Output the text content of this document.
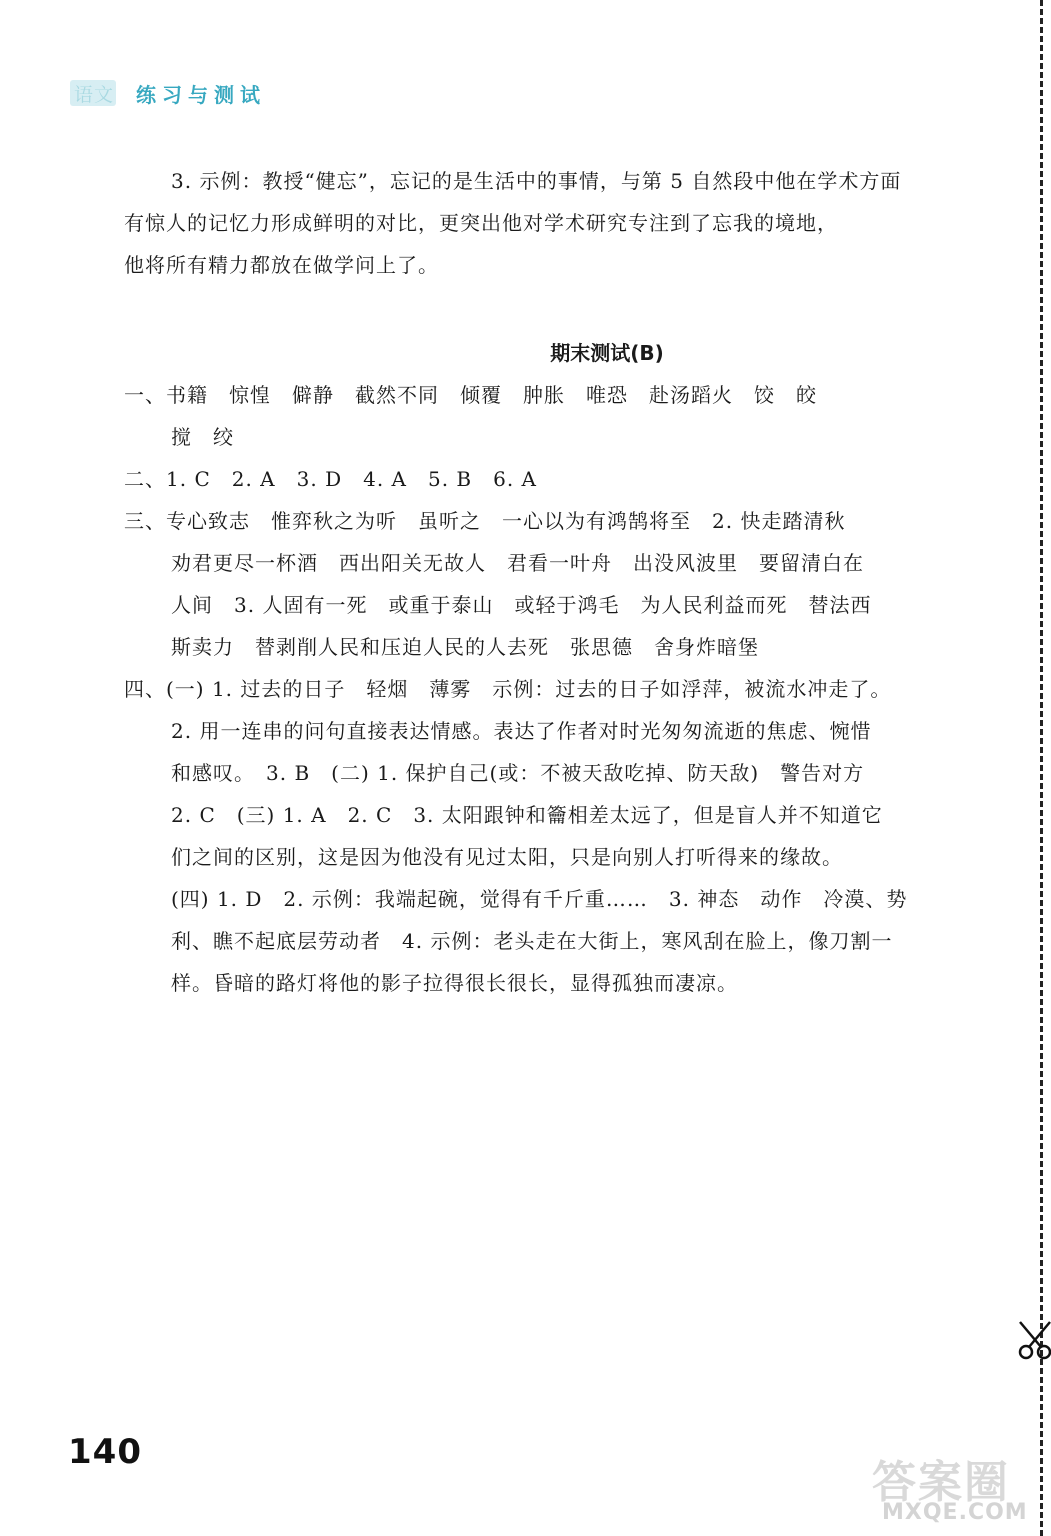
语文 练习与测试

3. 示例：教授“健忘”，忘记的是生活中的事情，与第 5 自然段中他在学术方面

有惊人的记忆力形成鲜明的对比，更突出他对学术研究专注到了忘我的境地，

他将所有精力都放在做学问上了。

期末测试(B)

一、书籍　惊惶　僻静　截然不同　倾覆　肿胀　唯恐　赴汤蹈火　饺　皎

搅　绞

二、1. C　2. A　3. D　4. A　5. B　6. A

三、专心致志　惟弈秋之为听　虽听之　一心以为有鸿鹄将至　2. 快走踏清秋

劝君更尽一杯酒　西出阳关无故人　君看一叶舟　出没风波里　要留清白在

人间　3. 人固有一死　或重于泰山　或轻于鸿毛　为人民利益而死　替法西

斯卖力　替剥削人民和压迫人民的人去死　张思德　舍身炸暗堡

四、(一) 1. 过去的日子　轻烟　薄雾　示例：过去的日子如浮萍，被流水冲走了。

2. 用一连串的问句直接表达情感。表达了作者对时光匆匆流逝的焦虑、惋惜

和感叹。　3. B　(二) 1. 保护自己(或：不被天敌吃掉、防天敌)　警告对方

2. C　(三) 1. A　2. C　3. 太阳跟钟和籥相差太远了，但是盲人并不知道它

们之间的区别，这是因为他没有见过太阳，只是向别人打听得来的缘故。

(四) 1. D　2. 示例：我端起碗，觉得有千斤重……　3. 神态　动作　冷漠、势

利、瞧不起底层劳动者　4. 示例：老头走在大街上，寒风刮在脸上，像刀割一

样。昏暗的路灯将他的影子拉得很长很长，显得孤独而凄凉。

140
答案圈
MXQE.COM
